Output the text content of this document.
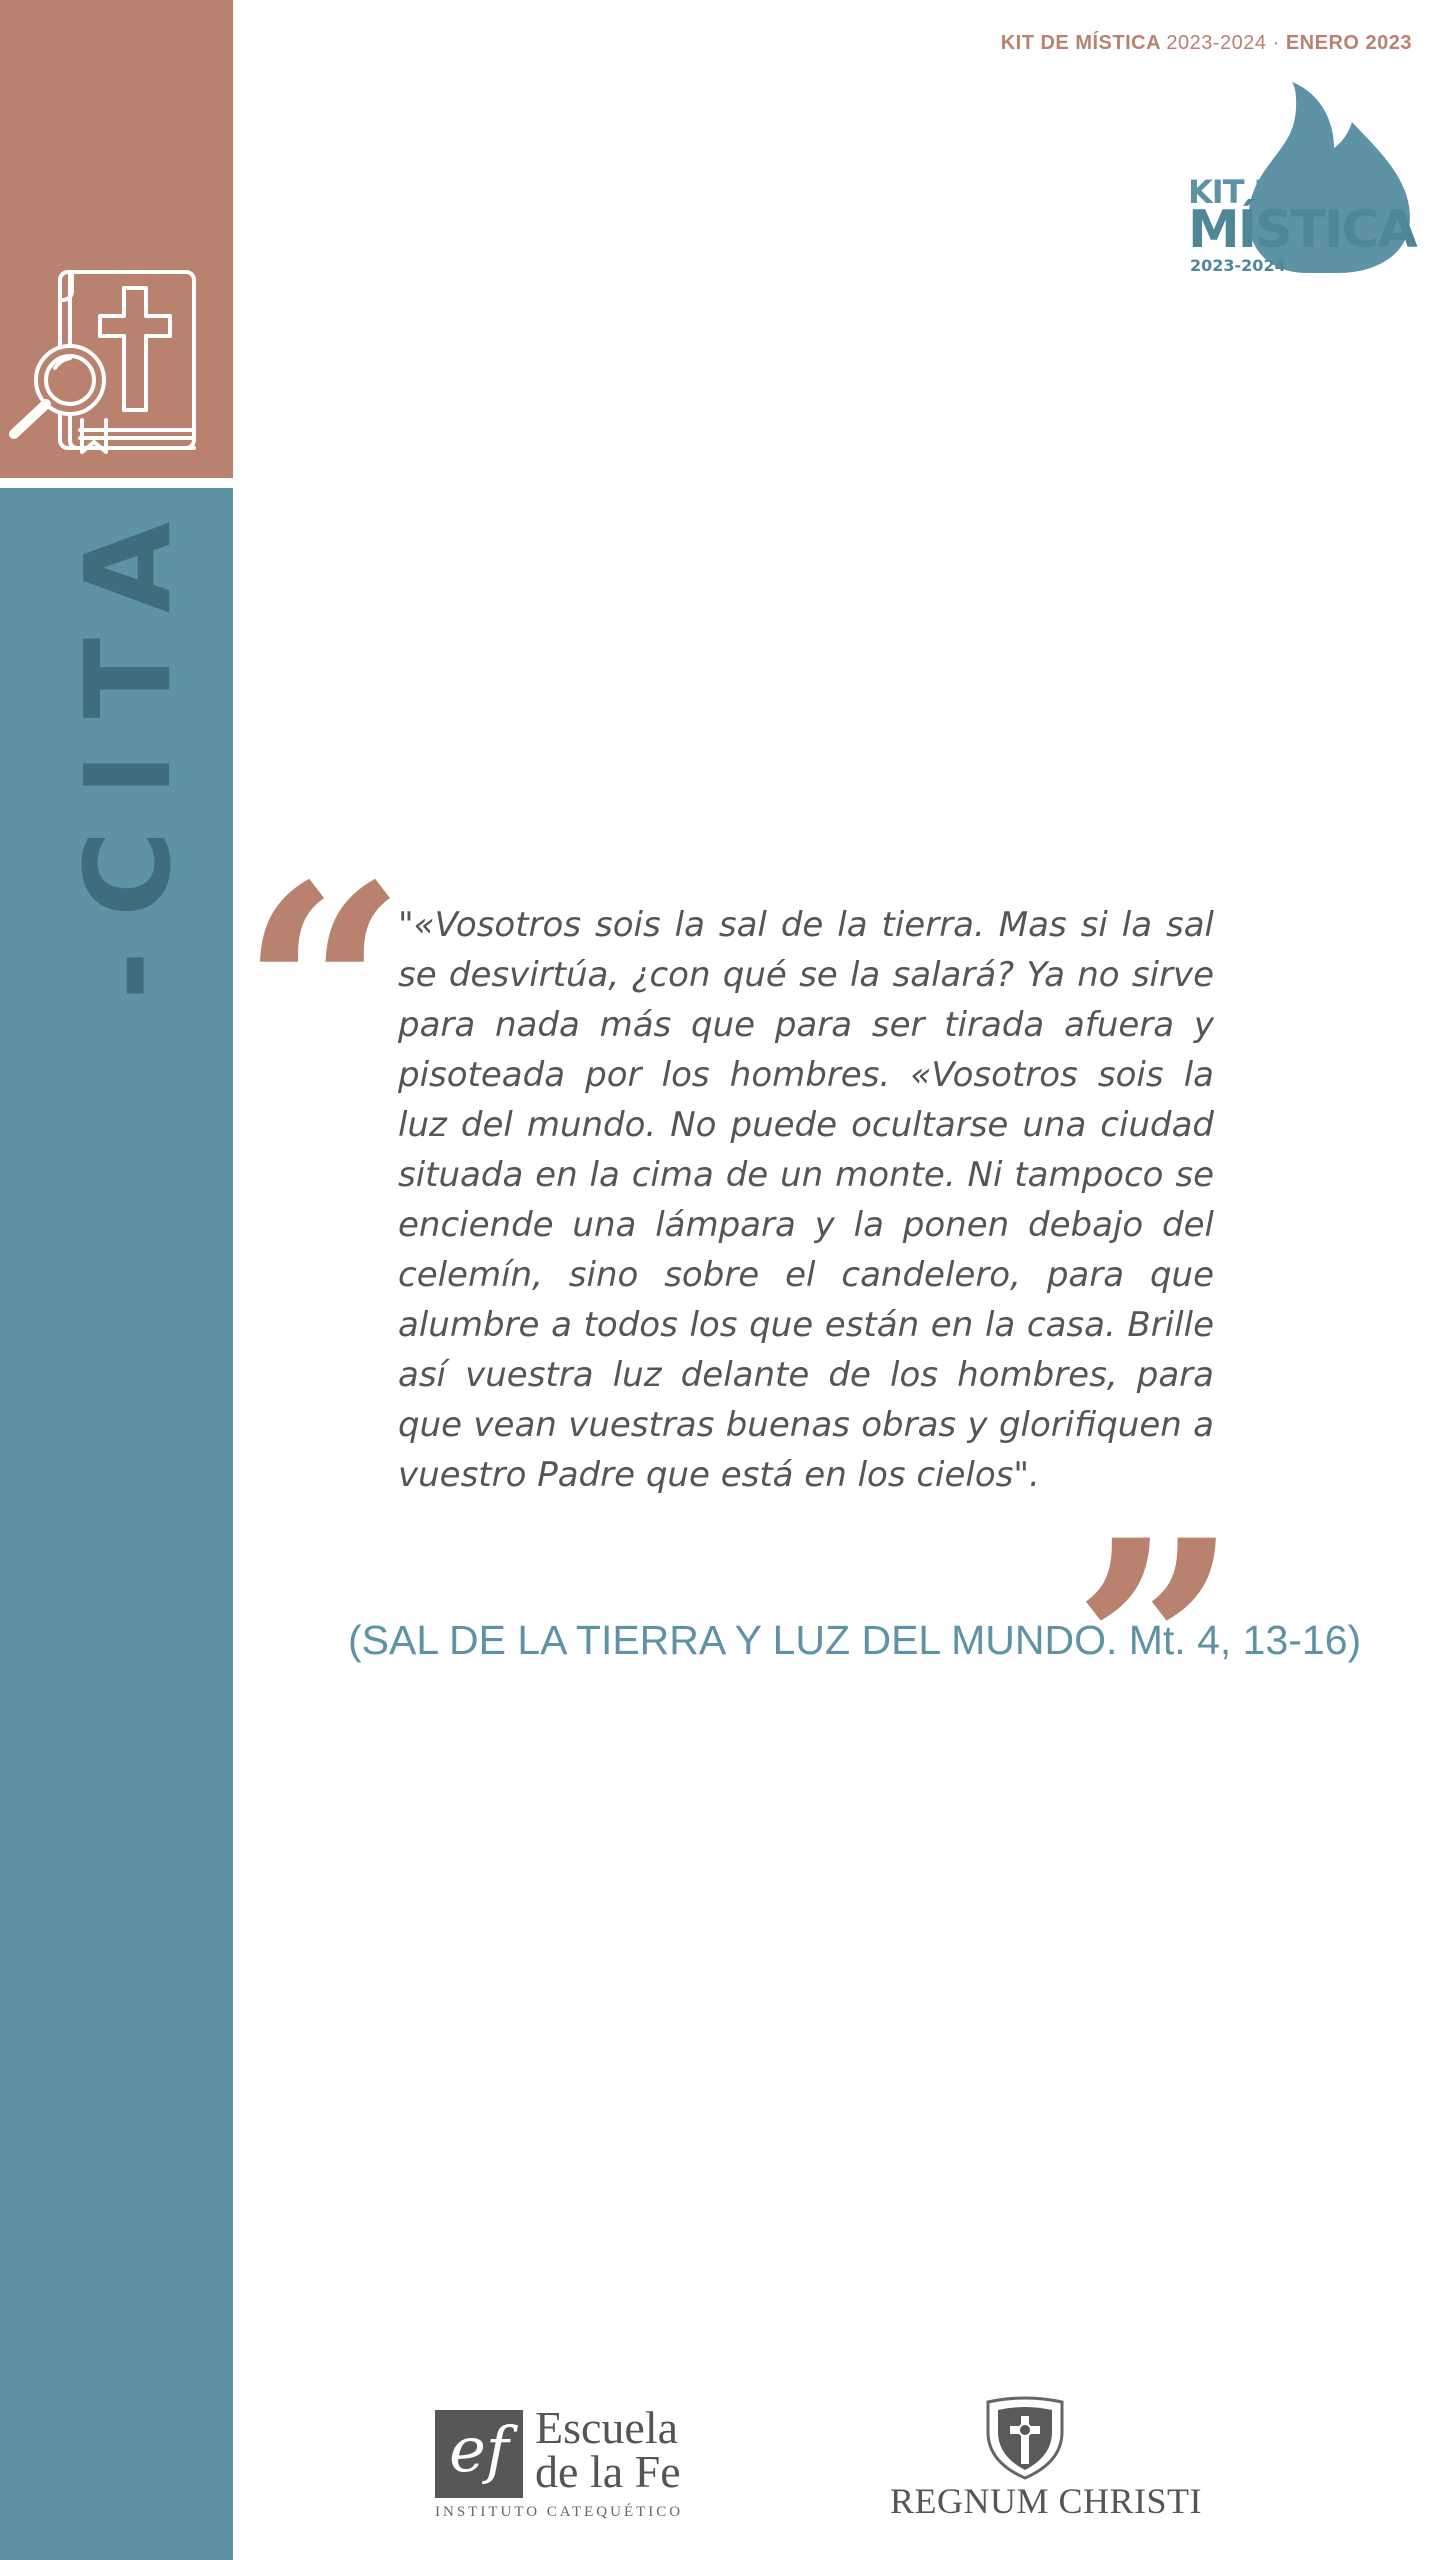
-CITA
KIT DE MÍSTICA 2023-2024 · ENERO 2023
KIT DE
MÍSTICA
2023-2024
“
"«Vosotros sois la sal de la tierra. Mas si la sal se desvirtúa, ¿con qué se la salará? Ya no sirve para nada más que para ser tirada afuera y pisoteada por los hombres. «Vosotros sois la luz del mundo. No puede ocultarse una ciudad situada en la cima de un monte. Ni tampoco se enciende una lámpara y la ponen debajo del celemín, sino sobre el candelero, para que alumbre a todos los que están en la casa. Brille así vuestra luz delante de los hombres, para que vean vuestras buenas obras y glorifiquen a vuestro Padre que está en los cielos".
”
(SAL DE LA TIERRA Y LUZ DEL MUNDO. Mt. 4, 13-16)
ef Escuela
de la Fe
INSTITUTO CATEQUÉTICO	REGNUM CHRISTI
